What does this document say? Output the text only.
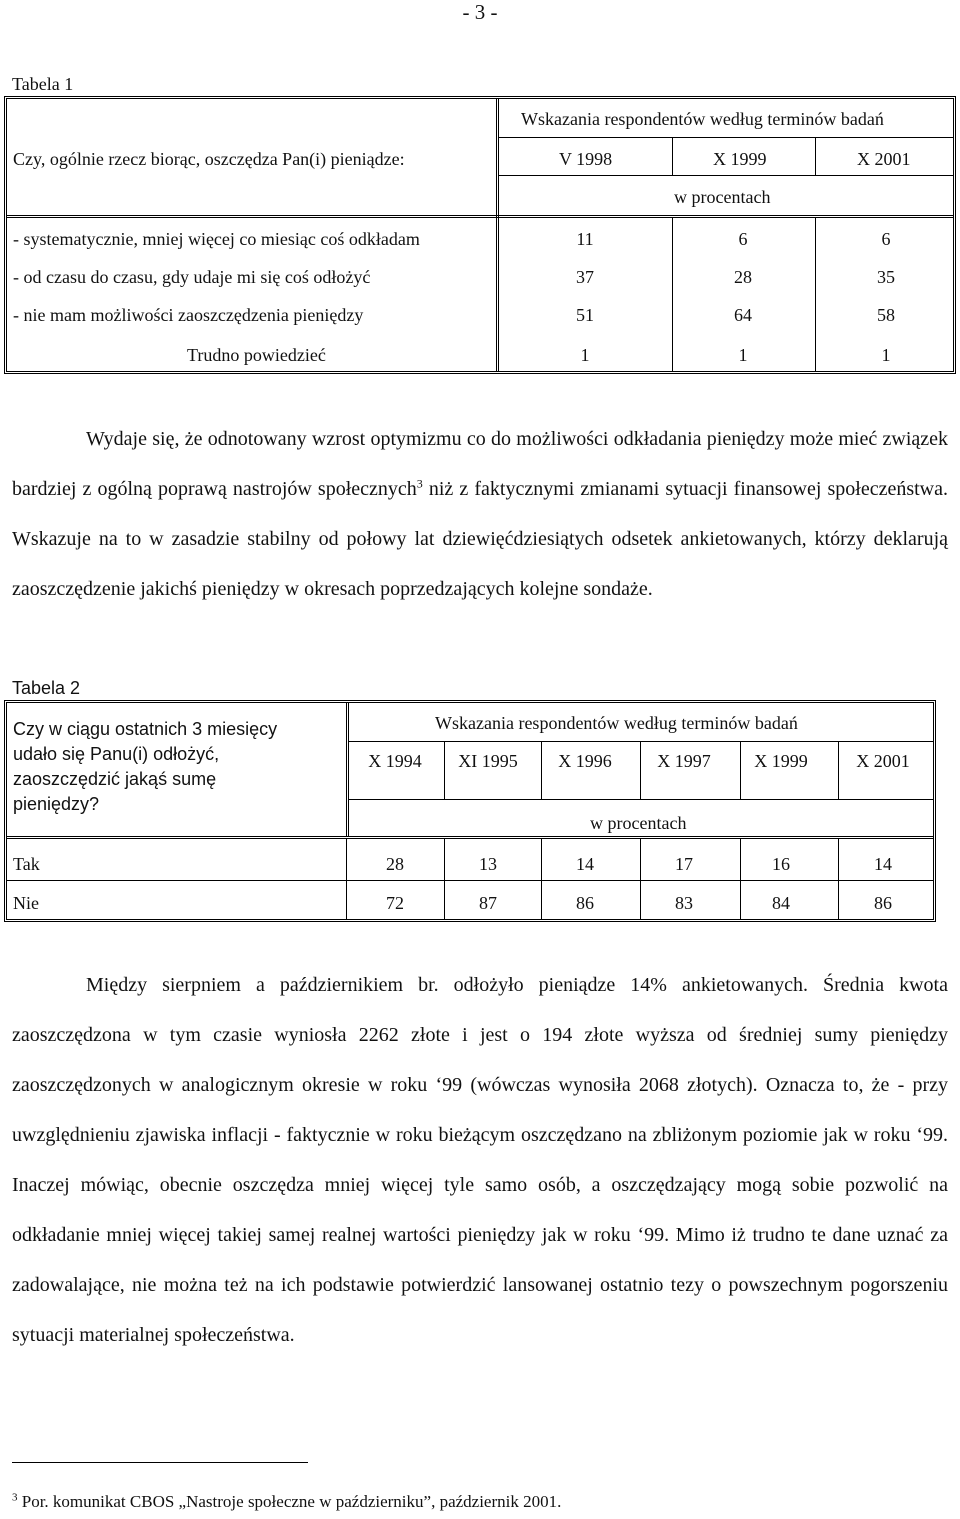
- 3 -
Tabela 1
Czy, ogólnie rzecz biorąc, oszczędza Pan(i) pieniądze:
Wskazania respondentów według terminów badań
V 1998	X 1999	X 2001
w procentach
- systematycznie, mniej więcej co miesiąc coś odkładam	11	6	6
- od czasu do czasu, gdy udaje mi się coś odłożyć	37	28	35
- nie mam możliwości zaoszczędzenia pieniędzy	51	64	58
Trudno powiedzieć	1	1	1

Wydaje się, że odnotowany wzrost optymizmu co do możliwości odkładania pieniędzy może mieć związek bardziej z ogólną poprawą nastrojów społecznych$^3$ niż z faktycznymi zmianami sytuacji finansowej społeczeństwa. Wskazuje na to w zasadzie stabilny od połowy lat dziewięćdziesiątych odsetek ankietowanych, którzy deklarują zaoszczędzenie jakichś pieniędzy w okresach poprzedzających kolejne sondaże.

Tabela 2
Czy w ciągu ostatnich 3 miesięcy udało się Panu(i) odłożyć, zaoszczędzić jakąś sumę pieniędzy?
Wskazania respondentów według terminów badań
X 1994	XI 1995	X 1996	X 1997	X 1999	X 2001
w procentach
Tak	28	13	14	17	16	14
Nie	72	87	86	83	84	86

Między sierpniem a październikiem br. odłożyło pieniądze 14% ankietowanych. Średnia kwota zaoszczędzona w tym czasie wyniosła 2262 złote i jest o 194 złote wyższa od średniej sumy pieniędzy zaoszczędzonych w analogicznym okresie w roku ‘99 (wówczas wynosiła 2068 złotych). Oznacza to, że - przy uwzględnieniu zjawiska inflacji - faktycznie w roku bieżącym oszczędzano na zbliżonym poziomie jak w roku ‘99. Inaczej mówiąc, obecnie oszczędza mniej więcej tyle samo osób, a oszczędzający mogą sobie pozwolić na odkładanie mniej więcej takiej samej realnej wartości pieniędzy jak w roku ‘99. Mimo iż trudno te dane uznać za zadowalające, nie można też na ich podstawie potwierdzić lansowanej ostatnio tezy o powszechnym pogorszeniu sytuacji materialnej społeczeństwa.

$^3$ Por. komunikat CBOS „Nastroje społeczne w październiku”, październik 2001.
